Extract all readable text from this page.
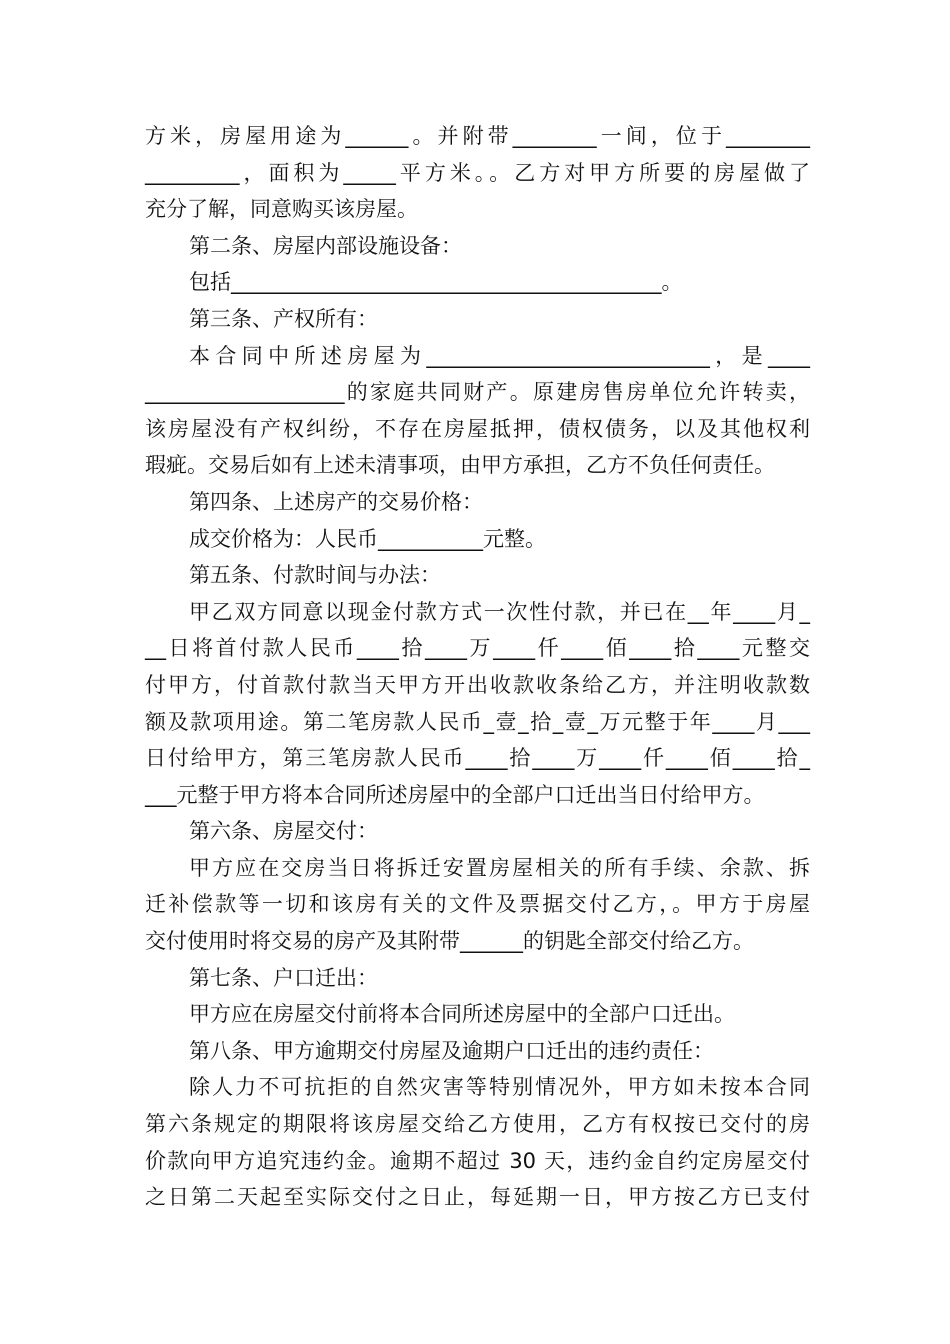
方米，房屋用途为______。并附带________一间，位于________
_________，面积为_____平方米。。乙方对甲方所要的房屋做了
充分了解，同意购买该房屋。
第二条、房屋内部设施设备：
包括_________________________________________。
第三条、产权所有：
本合同中所述房屋为___________________________，是____
___________________的家庭共同财产。原建房售房单位允许转卖，
该房屋没有产权纠纷，不存在房屋抵押，债权债务，以及其他权利
瑕疵。交易后如有上述未清事项，由甲方承担，乙方不负任何责任。
第四条、上述房产的交易价格：
成交价格为：人民币__________元整。
第五条、付款时间与办法：
甲乙双方同意以现金付款方式一次性付款，并已在__年____月_
__日将首付款人民币____拾____万____仟____佰____拾____元整交
付甲方，付首款付款当天甲方开出收款收条给乙方，并注明收款数
额及款项用途。第二笔房款人民币_壹_拾_壹_万元整于年____月___
日付给甲方，第三笔房款人民币____拾____万____仟____佰____拾_
___元整于甲方将本合同所述房屋中的全部户口迁出当日付给甲方。
第六条、房屋交付：
甲方应在交房当日将拆迁安置房屋相关的所有手续、余款、拆
迁补偿款等一切和该房有关的文件及票据交付乙方，。甲方于房屋
交付使用时将交易的房产及其附带______的钥匙全部交付给乙方。
第七条、户口迁出：
甲方应在房屋交付前将本合同所述房屋中的全部户口迁出。
第八条、甲方逾期交付房屋及逾期户口迁出的违约责任：
除人力不可抗拒的自然灾害等特别情况外，甲方如未按本合同
第六条规定的期限将该房屋交给乙方使用，乙方有权按已交付的房
价款向甲方追究违约金。逾期不超过 30 天，违约金自约定房屋交付
之日第二天起至实际交付之日止，每延期一日，甲方按乙方已支付
